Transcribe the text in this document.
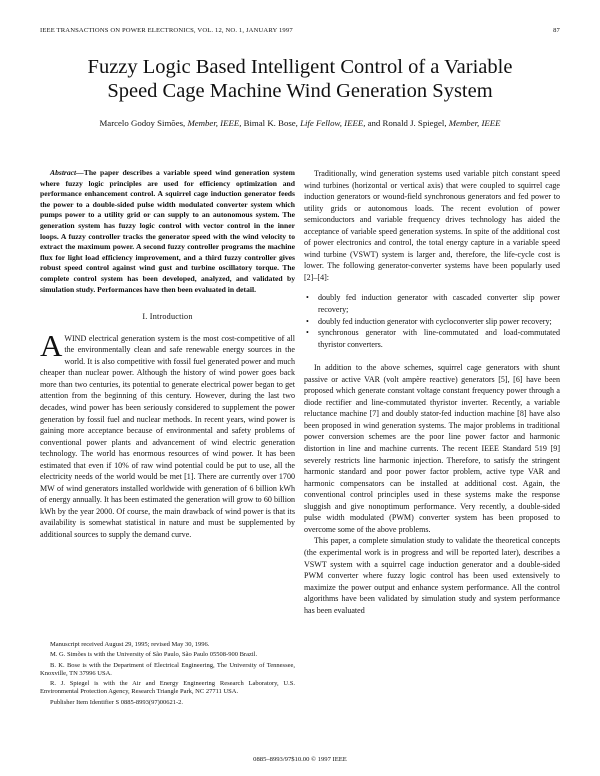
IEEE TRANSACTIONS ON POWER ELECTRONICS, VOL. 12, NO. 1, JANUARY 1997	87
Fuzzy Logic Based Intelligent Control of a Variable
Speed Cage Machine Wind Generation System
Marcelo Godoy Simões, Member, IEEE, Bimal K. Bose, Life Fellow, IEEE, and Ronald J. Spiegel, Member, IEEE

Abstract—The paper describes a variable speed wind generation system where fuzzy logic principles are used for efficiency optimization and performance enhancement control. A squirrel cage induction generator feeds the power to a double-sided pulse width modulated converter system which pumps power to a utility grid or can supply to an autonomous system. The generation system has fuzzy logic control with vector control in the inner loops. A fuzzy controller tracks the generator speed with the wind velocity to extract the maximum power. A second fuzzy controller programs the machine flux for light load efficiency improvement, and a third fuzzy controller gives robust speed control against wind gust and turbine oscillatory torque. The complete control system has been developed, analyzed, and validated by simulation study. Performances have then been evaluated in detail.

I. Introduction

AWIND electrical generation system is the most cost-competitive of all the environmentally clean and safe renewable energy sources in the world. It is also competitive with fossil fuel generated power and much cheaper than nuclear power. Although the history of wind power goes back more than two centuries, its potential to generate electrical power began to get attention from the beginning of this century. However, during the last two decades, wind power has been seriously considered to supplement the power generation by fossil fuel and nuclear methods. In recent years, wind power is gaining more acceptance because of environmental and safety problems of conventional power plants and advancement of wind electric generation technology. The world has enormous resources of wind power. It has been estimated that even if 10% of raw wind potential could be put to use, all the electricity needs of the world would be met [1]. There are currently over 1700 MW of wind generators installed worldwide with generation of 6 billion kWh of energy annually. It has been estimated the generation will grow to 60 billion kWh by the year 2000. Of course, the main drawback of wind power is that its availability is somewhat statistical in nature and must be supplemented by additional sources to supply the demand curve.

Manuscript received August 29, 1995; revised May 30, 1996.

M. G. Simões is with the University of São Paulo, São Paulo 05508-900 Brazil.

B. K. Bose is with the Department of Electrical Engineering, The University of Tennessee, Knoxville, TN 37996 USA.

R. J. Spiegel is with the Air and Energy Engineering Research Laboratory, U.S. Environmental Protection Agency, Research Triangle Park, NC 27711 USA.

Publisher Item Identifier S 0885-8993(97)00621-2.

Traditionally, wind generation systems used variable pitch constant speed wind turbines (horizontal or vertical axis) that were coupled to squirrel cage induction generators or wound-field synchronous generators and fed power to utility grids or autonomous loads. The recent evolution of power semiconductors and variable frequency drives technology has aided the acceptance of variable speed generation systems. In spite of the additional cost of power electronics and control, the total energy capture in a variable speed wind turbine (VSWT) system is larger and, therefore, the life-cycle cost is lower. The following generator-converter systems have been popularly used [2]–[4]:

• doubly fed induction generator with cascaded converter slip power recovery;
• doubly fed induction generator with cycloconverter slip power recovery;
• synchronous generator with line-commutated and load-commutated thyristor converters.

In addition to the above schemes, squirrel cage generators with shunt passive or active VAR (volt ampère reactive) generators [5], [6] have been proposed which generate constant voltage constant frequency power through a diode rectifier and line-commutated thyristor inverter. Recently, a variable reluctance machine [7] and doubly stator-fed induction machine [8] have also been proposed in wind generation systems. The major problems in traditional power conversion schemes are the poor line power factor and harmonic distortion in line and machine currents. The recent IEEE Standard 519 [9] severely restricts line harmonic injection. Therefore, to satisfy the stringent harmonic standard and poor power factor problem, active type VAR and harmonic compensators can be installed at additional cost. Again, the conventional control principles used in these systems make the response sluggish and give nonoptimum performance. Very recently, a double-sided pulse width modulated (PWM) converter system has been proposed to overcome some of the above problems.

This paper, a complete simulation study to validate the theoretical concepts (the experimental work is in progress and will be reported later), describes a VSWT system with a squirrel cage induction generator and a double-sided PWM converter where fuzzy logic control has been used extensively to maximize the power output and enhance system performance. All the control algorithms have been validated by simulation study and system performance has been evaluated

0885–8993/97$10.00 © 1997 IEEE
